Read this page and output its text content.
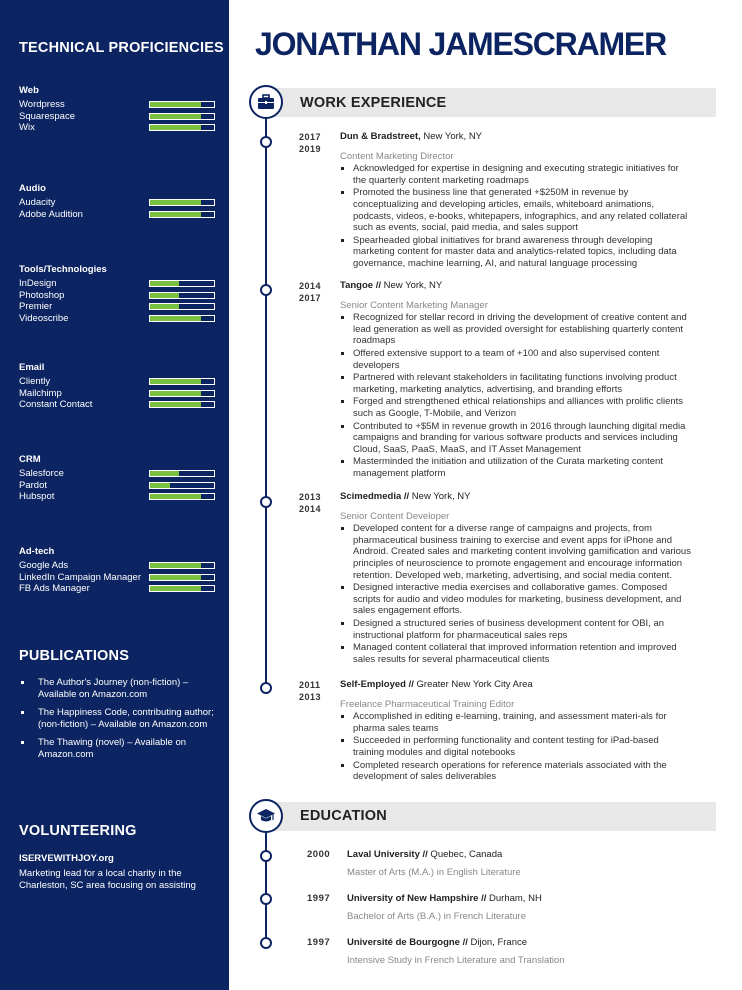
TECHNICAL PROFICIENCIES
Web
Wordpress
Squarespace
Wix
Audio
Audacity
Adobe Audition
Tools/Technologies
InDesign
Photoshop
Premier
Videoscribe
Email
Cliently
Mailchimp
Constant Contact
CRM
Salesforce
Pardot
Hubspot
Ad-tech
Google Ads
LinkedIn Campaign Manager
FB Ads Manager
PUBLICATIONS
The Author's Journey (non-fiction) – Available on Amazon.com
The Happiness Code, contributing author; (non-fiction) – Available on Amazon.com
The Thawing (novel) – Available on Amazon.com
VOLUNTEERING
ISERVEWITHJOY.org
Marketing lead for a local charity in the Charleston, SC area focusing on assisting
JONATHAN JAMESCRAMER
WORK EXPERIENCE
2017
2019
Dun & Bradstreet, New York, NY
Content Marketing Director
Acknowledged for expertise in designing and executing strategic initiatives for the quarterly content marketing roadmaps
Promoted the business line that generated +$250M in revenue by conceptualizing and developing articles, emails, whiteboard animations, podcasts, videos, e-books, whitepapers, infographics, and any related collateral such as events, social, paid media, and sales support
Spearheaded global initiatives for brand awareness through developing marketing content for master data and analytics-related topics, including data governance, machine learning, AI, and natural language processing
2014
2017
Tangoe // New York, NY
Senior Content Marketing Manager
Recognized for stellar record in driving the development of creative content and lead generation as well as provided oversight for establishing quarterly content roadmaps
Offered extensive support to a team of +100 and also supervised content developers
Partnered with relevant stakeholders in facilitating functions involving product marketing, marketing analytics, advertising, and branding efforts
Forged and strengthened ethical relationships and alliances with prolific clients such as Google, T-Mobile, and Verizon
Contributed to +$5M in revenue growth in 2016 through launching digital media campaigns and branding for various software products and services including Cloud, SaaS, PaaS, MaaS, and IT Asset Management
Masterminded the initiation and utilization of the Curata marketing content management platform
2013
2014
Scimedmedia // New York, NY
Senior Content Developer
Developed content for a diverse range of campaigns and projects, from pharmaceutical business training to exercise and event apps for iPhone and Android. Created sales and marketing content involving gamification and various principles of neuroscience to promote engagement and encourage information retention. Developed web, marketing, advertising, and social media content.
Designed interactive media exercises and collaborative games. Composed scripts for audio and video modules for marketing, business development, and sales engagement efforts.
Designed a structured series of business development content for OBI, an instructional platform for pharmaceutical sales reps
Managed content collateral that improved information retention and improved sales results for several pharmaceutical clients
2011
2013
Self-Employed // Greater New York City Area
Freelance Pharmaceutical Training Editor
Accomplished in editing e-learning, training, and assessment materi-als for pharma sales teams
Succeeded in performing functionality and content testing for iPad-based training modules and digital notebooks
Completed research operations for reference materials associated with the development of sales deliverables
EDUCATION
2000 Laval University // Quebec, Canada
Master of Arts (M.A.) in English Literature
1997 University of New Hampshire // Durham, NH
Bachelor of Arts (B.A.) in French Literature
1997 Université de Bourgogne // Dijon, France
Intensive Study in French Literature and Translation
